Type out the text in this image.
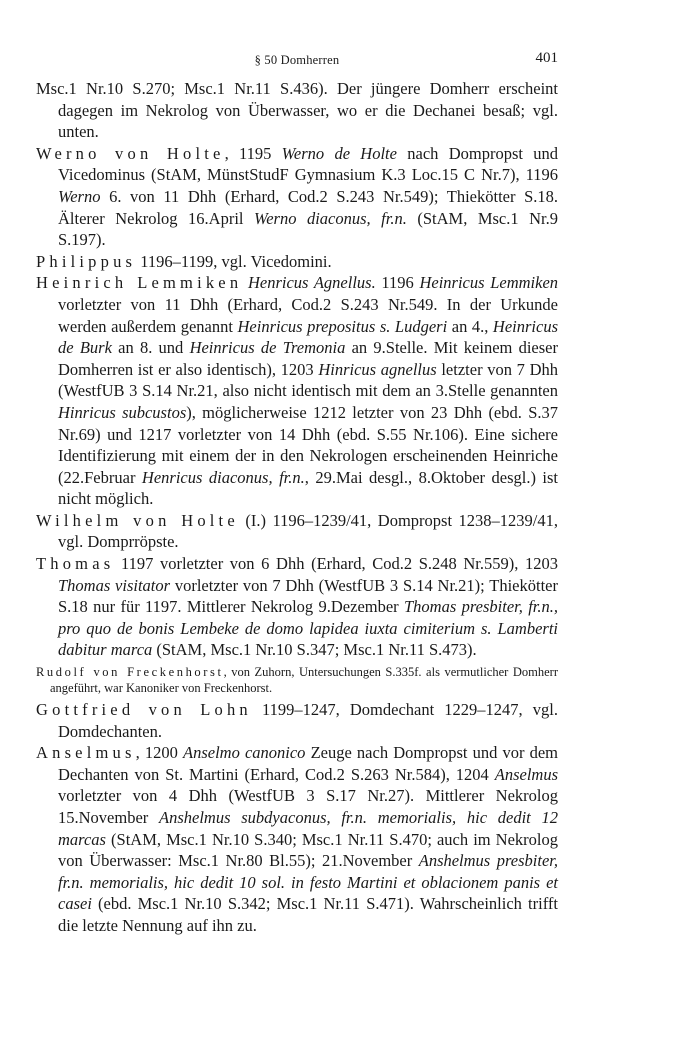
§ 50 Domherren	401

Msc.1 Nr.10 S.270; Msc.1 Nr.11 S.436). Der jüngere Domherr erscheint dagegen im Nekrolog von Überwasser, wo er die Dechanei besaß; vgl. unten.

Werno von Holte, 1195 Werno de Holte nach Dompropst und Vicedominus (StAM, MünstStudF Gymnasium K.3 Loc.15 C Nr.7), 1196 Werno 6. von 11 Dhh (Erhard, Cod.2 S.243 Nr.549); Thiekötter S.18. Älterer Nekrolog 16.April Werno diaconus, fr.n. (StAM, Msc.1 Nr.9 S.197).

Philippus 1196–1199, vgl. Vicedomini.

Heinrich Lemmiken Henricus Agnellus. 1196 Heinricus Lemmiken vorletzter von 11 Dhh (Erhard, Cod.2 S.243 Nr.549. In der Urkunde werden außerdem genannt Heinricus prepositus s. Ludgeri an 4., Heinricus de Burk an 8. und Heinricus de Tremonia an 9.Stelle. Mit keinem dieser Domherren ist er also identisch), 1203 Hinricus agnellus letzter von 7 Dhh (WestfUB 3 S.14 Nr.21, also nicht identisch mit dem an 3.Stelle genannten Hinricus subcustos), möglicherweise 1212 letzter von 23 Dhh (ebd. S.37 Nr.69) und 1217 vorletzter von 14 Dhh (ebd. S.55 Nr.106). Eine sichere Identifizierung mit einem der in den Nekrologen erscheinenden Heinriche (22.Februar Henricus diaconus, fr.n., 29.Mai desgl., 8.Oktober desgl.) ist nicht möglich.

Wilhelm von Holte (I.) 1196–1239/41, Dompropst 1238–1239/41, vgl. Domprröpste.

Thomas 1197 vorletzter von 6 Dhh (Erhard, Cod.2 S.248 Nr.559), 1203 Thomas visitator vorletzter von 7 Dhh (WestfUB 3 S.14 Nr.21); Thiekötter S.18 nur für 1197. Mittlerer Nekrolog 9.Dezember Thomas presbiter, fr.n., pro quo de bonis Lembeke de domo lapidea iuxta cimiterium s. Lamberti dabitur marca (StAM, Msc.1 Nr.10 S.347; Msc.1 Nr.11 S.473).

Rudolf von Freckenhorst, von Zuhorn, Untersuchungen S.335f. als vermutlicher Domherr angeführt, war Kanoniker von Freckenhorst.

Gottfried von Lohn 1199–1247, Domdechant 1229–1247, vgl. Domdechanten.

Anselmus, 1200 Anselmo canonico Zeuge nach Dompropst und vor dem Dechanten von St. Martini (Erhard, Cod.2 S.263 Nr.584), 1204 Anselmus vorletzter von 4 Dhh (WestfUB 3 S.17 Nr.27). Mittlerer Nekrolog 15.November Anshelmus subdyaconus, fr.n. memorialis, hic dedit 12 marcas (StAM, Msc.1 Nr.10 S.340; Msc.1 Nr.11 S.470; auch im Nekrolog von Überwasser: Msc.1 Nr.80 Bl.55); 21.November Anshelmus presbiter, fr.n. memorialis, hic dedit 10 sol. in festo Martini et oblacionem panis et casei (ebd. Msc.1 Nr.10 S.342; Msc.1 Nr.11 S.471). Wahrscheinlich trifft die letzte Nennung auf ihn zu.
